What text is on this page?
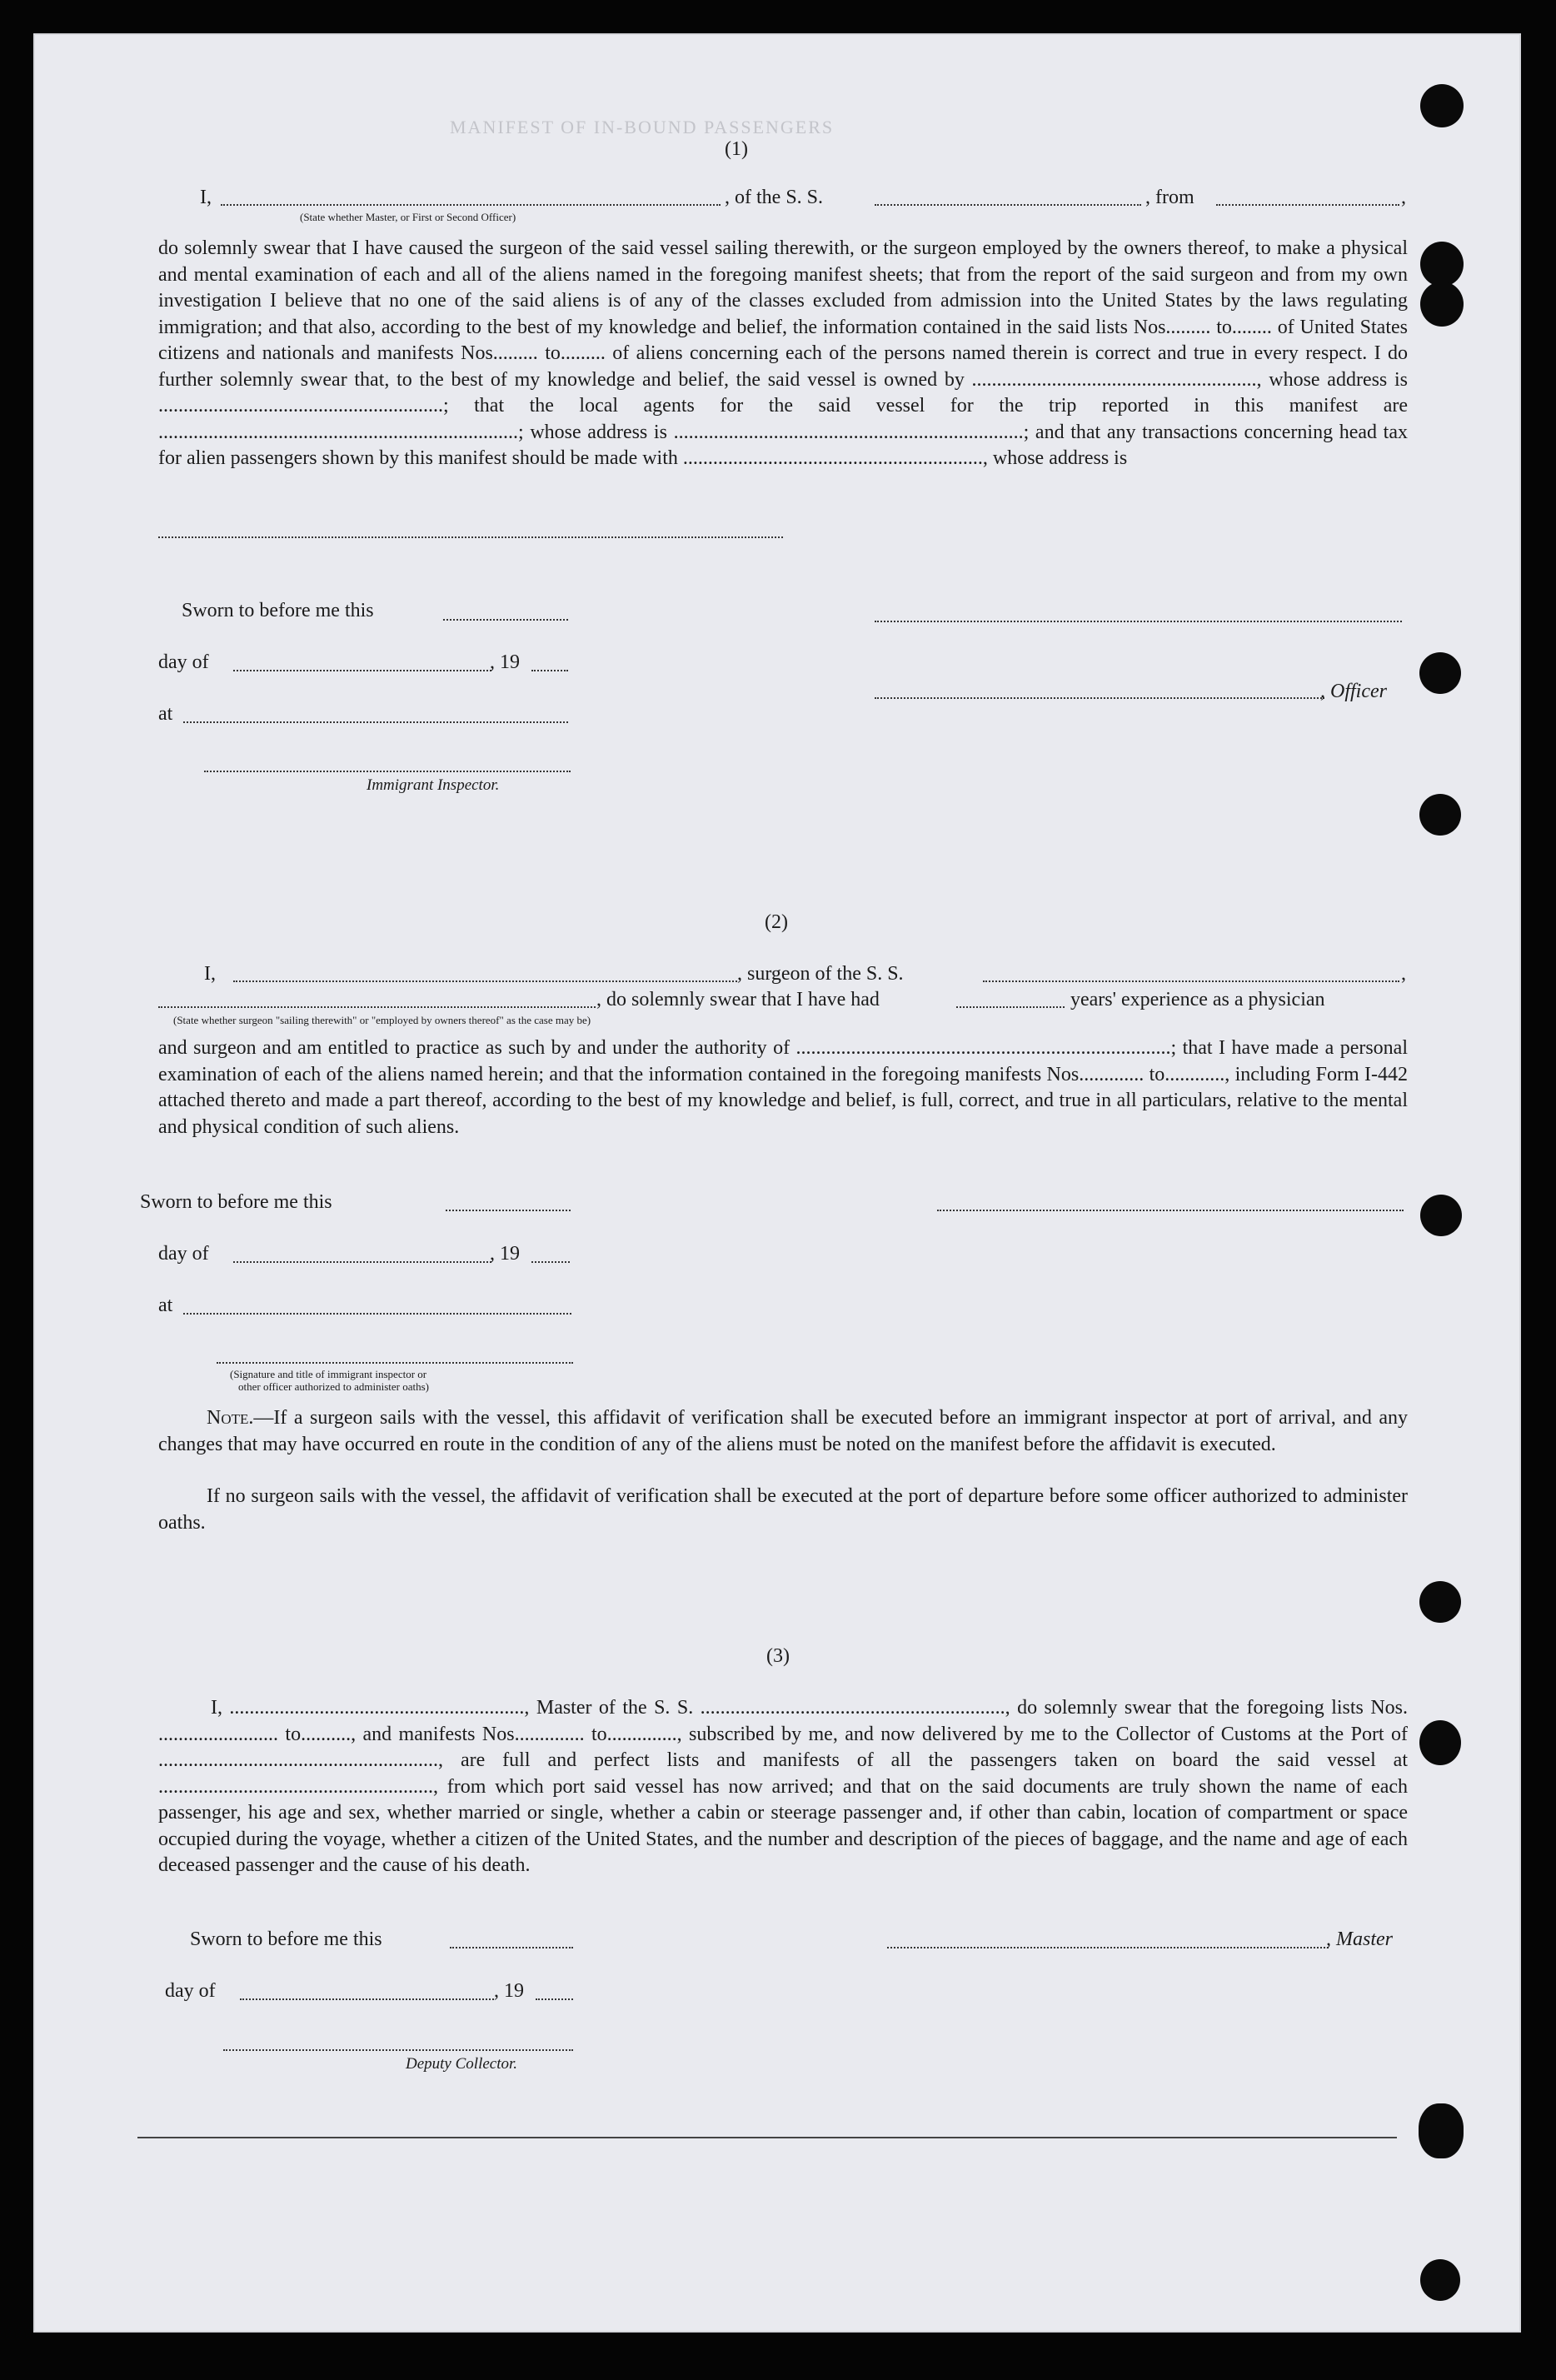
MANIFEST OF IN-BOUND PASSENGERS
(1)
I,	, of the S. S.	, from	,
(State whether Master, or First or Second Officer)

do solemnly swear that I have caused the surgeon of the said vessel sailing therewith, or the surgeon employed by the owners thereof, to make a physical and mental examination of each and all of the aliens named in the foregoing manifest sheets; that from the report of the said surgeon and from my own investigation I believe that no one of the said aliens is of any of the classes excluded from admission into the United States by the laws regulating immigration; and that also, according to the best of my knowledge and belief, the information contained in the said lists Nos......... to........ of United States citizens and nationals and manifests Nos......... to......... of aliens concerning each of the persons named therein is correct and true in every respect. I do further solemnly swear that, to the best of my knowledge and belief, the said vessel is owned by ........................................................., whose address is .........................................................; that the local agents for the said vessel for the trip reported in this manifest are ........................................................................; whose address is ......................................................................; and that any transactions concerning head tax for alien passengers shown by this manifest should be made with ............................................................, whose address is

Sworn to before me this
day of	, 19
, Officer
at
Immigrant Inspector.
(2)
I,	, surgeon of the S. S.	,
, do solemnly swear that I have had	years' experience as a physician
(State whether surgeon "sailing therewith" or "employed by owners thereof" as the case may be)

and surgeon and am entitled to practice as such by and under the authority of ...........................................................................; that I have made a personal examination of each of the aliens named herein; and that the information contained in the foregoing manifests Nos............. to............, including Form I-442 attached thereto and made a part thereof, according to the best of my knowledge and belief, is full, correct, and true in all particulars, relative to the mental and physical condition of such aliens.

Sworn to before me this
day of	, 19
at
(Signature and title of immigrant inspector or
other officer authorized to administer oaths)

Note.—If a surgeon sails with the vessel, this affidavit of verification shall be executed before an immigrant inspector at port of arrival, and any changes that may have occurred en route in the condition of any of the aliens must be noted on the manifest before the affidavit is executed.

If no surgeon sails with the vessel, the affidavit of verification shall be executed at the port of departure before some officer authorized to administer oaths.

(3)

I, ..........................................................., Master of the S. S. ............................................................., do solemnly swear that the foregoing lists Nos. ........................ to.........., and manifests Nos.............. to.............., subscribed by me, and now delivered by me to the Collector of Customs at the Port of ........................................................, are full and perfect lists and manifests of all the passengers taken on board the said vessel at ......................................................., from which port said vessel has now arrived; and that on the said documents are truly shown the name of each passenger, his age and sex, whether married or single, whether a cabin or steerage passenger and, if other than cabin, location of compartment or space occupied during the voyage, whether a citizen of the United States, and the number and description of the pieces of baggage, and the name and age of each deceased passenger and the cause of his death.

Sworn to before me this	, Master
day of	, 19
Deputy Collector.
